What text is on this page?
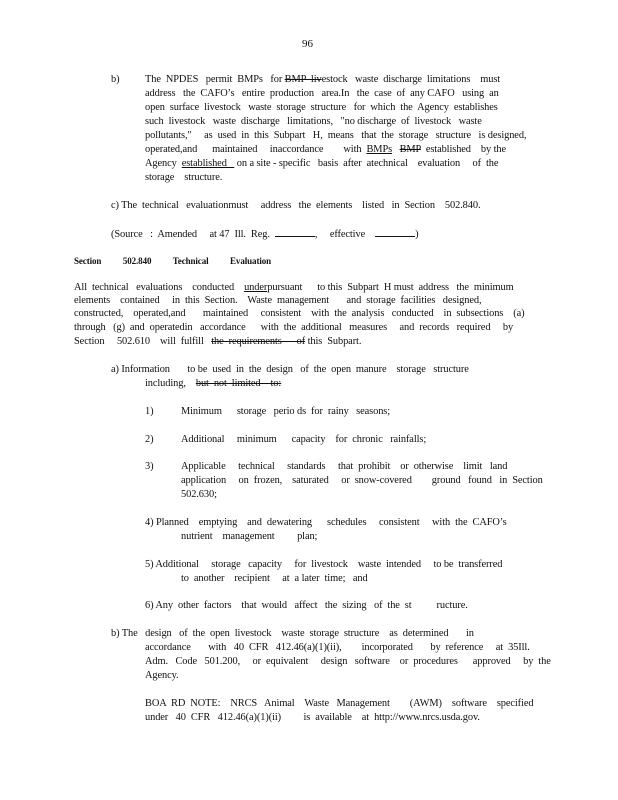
96
b) The  NPDES   permit  BMPs   for BMP  livestock   waste  discharge  limitations    must
address   the  CAFO’s   entire  production   area.In   the  case  of  any CAFO   using  an
open  surface  livestock   waste  storage  structure   for  which  the  Agency  establishes
such  livestock   waste  discharge   limitations,   "no discharge  of  livestock   waste
pollutants,"     as  used  in  this  Subpart   H,  means   that  the  storage   structure   is designed,
operated,and      maintained     inaccordance        with  BMPs BMP  established    by the
Agency  established    on a site - specific   basis  after  atechnical    evaluation     of  the
storage    structure.
c) The  technical   evaluationmust     address   the  elements    listed   in  Section    502.840.
(Source   :  Amended     at 47  Ill.  Reg.	,     effective	)
Section 502.840 Technical Evaluation
All  technical   evaluations    conducted    underpursuant      to this  Subpart  H must  address   the  minimum
elements    contained     in  this  Section.    Waste  management       and  storage  facilities   designed,
constructed,    operated,and       maintained     consistent    with  the  analysis   conducted    in  subsections    (a)
through   (g)  and  operatedin   accordance      with  the  additional   measures     and  records   required     by
Section     502.610    will  fulfill   the  requirements      of this  Subpart.
a) Information       to be  used  in  the  design   of  the  open  manure    storage   structure
including,    but  not  limited    to:
1)	Minimum      storage   perio ds  for  rainy   seasons;
2)	Additional     minimum      capacity    for  chronic   rainfalls;
3)	Applicable     technical     standards     that  prohibit    or  otherwise    limit   land
application     on  frozen,    saturated     or  snow-covered        ground   found   in  Section
502.630;
4) Planned    emptying    and  dewatering      schedules     consistent     with  the  CAFO’s
nutrient    management         plan;
5) Additional     storage   capacity     for  livestock    waste  intended     to be  transferred
to  another    recipient     at  a later  time;   and
6) Any  other  factors    that  would   affect   the  sizing   of  the  st          ructure.
b) The   design   of  the  open  livestock    waste  storage  structure    as  determined       in
accordance       with   40  CFR   412.46(a)(1)(ii),        incorporated       by  reference     at  35Ill.
Adm.   Code   501.200,     or  equivalent     design   software    or  procedures      approved     by  the
Agency.
BOA  RD  NOTE:    NRCS   Animal    Waste   Management        (AWM)    software    specified
under   40  CFR   412.46(a)(1)(ii)         is  available    at  http://www.nrcs.usda.gov.
